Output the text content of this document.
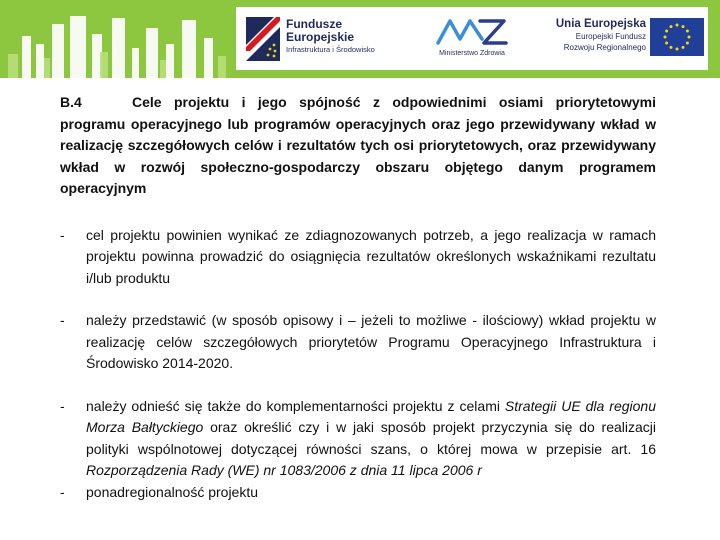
Fundusze
Europejskie
Infrastruktura i Środowisko	Ministerstwo Zdrowia
Unia Europejska
Europejski Fundusz
Rozwoju Regionalnego

B.4	Cele projektu i jego spójność z odpowiednimi osiami priorytetowymi programu operacyjnego lub programów operacyjnych oraz jego przewidywany wkład w realizację szczegółowych celów i rezultatów tych osi priorytetowych, oraz przewidywany wkład w rozwój społeczno-gospodarczy obszaru objętego danym programem operacyjnym

- cel projektu powinien wynikać ze zdiagnozowanych potrzeb, a jego realizacja w ramach projektu powinna prowadzić do osiągnięcia rezultatów określonych wskaźnikami rezultatu i/lub produktu
- należy przedstawić (w sposób opisowy i – jeżeli to możliwe - ilościowy) wkład projektu w realizację celów szczegółowych priorytetów Programu Operacyjnego Infrastruktura i Środowisko 2014-2020.
- należy odnieść się także do komplementarności projektu z celami Strategii UE dla regionu Morza Bałtyckiego oraz określić czy i w jaki sposób projekt przyczynia się do realizacji polityki wspólnotowej dotyczącej równości szans, o której mowa w przepisie art. 16 Rozporządzenia Rady (WE) nr 1083/2006 z dnia 11 lipca 2006 r
- ponadregionalność projektu
